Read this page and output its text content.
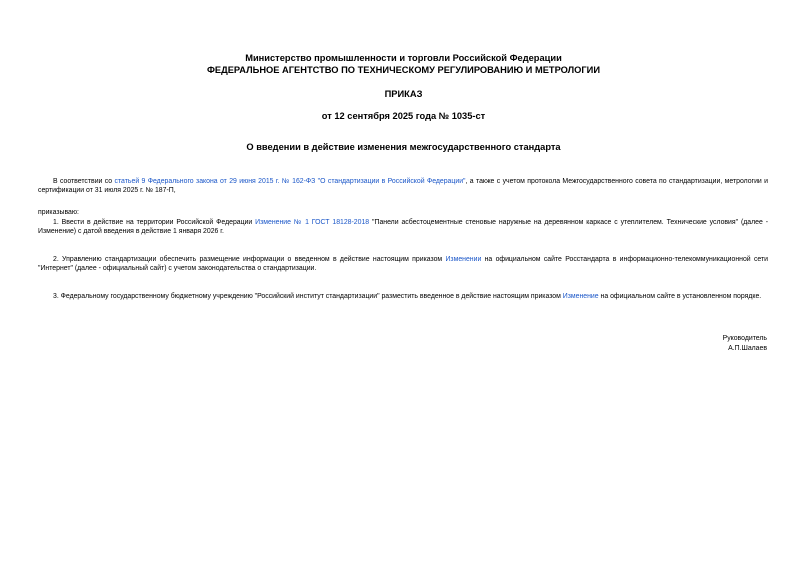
Министерство промышленности и торговли Российской Федерации
ФЕДЕРАЛЬНОЕ АГЕНТСТВО ПО ТЕХНИЧЕСКОМУ РЕГУЛИРОВАНИЮ И МЕТРОЛОГИИ
ПРИКАЗ
от 12 сентября 2025 года № 1035-ст
О введении в действие изменения межгосударственного стандарта

В соответствии со статьей 9 Федерального закона от 29 июня 2015 г. № 162-ФЗ "О стандартизации в Российской Федерации", а также с учетом протокола Межгосударственного совета по стандартизации, метрологии и сертификации от 31 июля 2025 г. № 187-П,

приказываю:

1. Ввести в действие на территории Российской Федерации Изменение № 1 ГОСТ 18128-2018 "Панели асбестоцементные стеновые наружные на деревянном каркасе с утеплителем. Технические условия" (далее - Изменение) с датой введения в действие 1 января 2026 г.

2. Управлению стандартизации обеспечить размещение информации о введенном в действие настоящим приказом Изменении на официальном сайте Росстандарта в информационно-телекоммуникационной сети "Интернет" (далее - официальный сайт) с учетом законодательства о стандартизации.

3. Федеральному государственному бюджетному учреждению "Российский институт стандартизации" разместить введенное в действие настоящим приказом Изменение на официальном сайте в установленном порядке.

Руководитель
А.П.Шалаев
